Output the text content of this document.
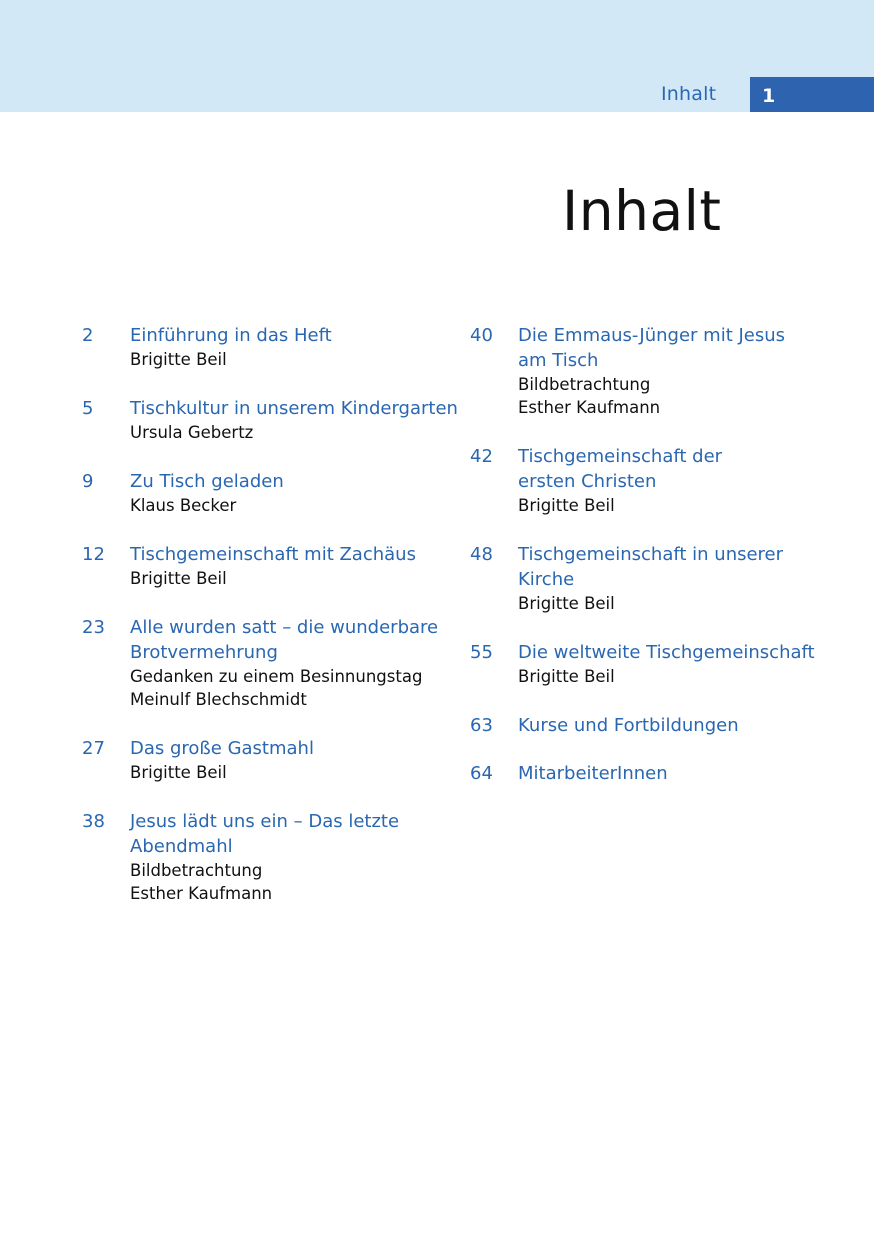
Inhalt 1
Inhalt
2 Einführung in das Heft
Brigitte Beil
5 Tischkultur in unserem Kindergarten
Ursula Gebertz
9 Zu Tisch geladen
Klaus Becker
12 Tischgemeinschaft mit Zachäus
Brigitte Beil
23 Alle wurden satt – die wunderbare
Brotvermehrung
Gedanken zu einem Besinnungstag
Meinulf Blechschmidt
27 Das große Gastmahl
Brigitte Beil
38 Jesus lädt uns ein – Das letzte
Abendmahl
Bildbetrachtung
Esther Kaufmann
40 Die Emmaus-Jünger mit Jesus
am Tisch
Bildbetrachtung
Esther Kaufmann
42 Tischgemeinschaft der
ersten Christen
Brigitte Beil
48 Tischgemeinschaft in unserer
Kirche
Brigitte Beil
55 Die weltweite Tischgemeinschaft
Brigitte Beil
63 Kurse und Fortbildungen
64 MitarbeiterInnen
